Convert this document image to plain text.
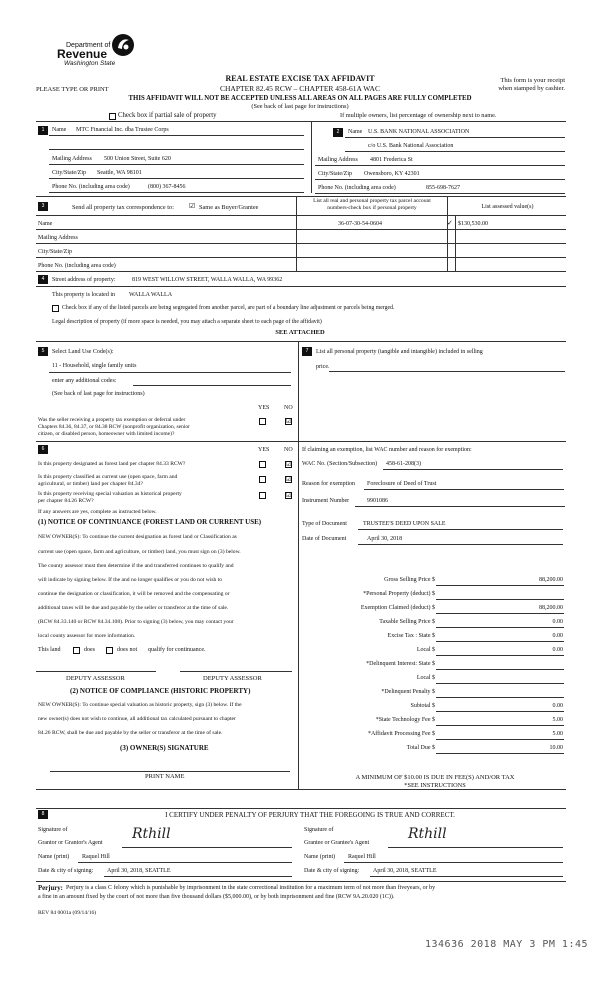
Department of
Revenue
Washington State
REAL ESTATE EXCISE TAX AFFIDAVIT
CHAPTER 82.45 RCW – CHAPTER 458-61A WAC
PLEASE TYPE OR PRINT
This form is your receipt
when stamped by cashier.
THIS AFFIDAVIT WILL NOT BE ACCEPTED UNLESS ALL AREAS ON ALL PAGES ARE FULLY COMPLETED
(See back of last page for instructions)
Check box if partial sale of property	If multiple owners, list percentage of ownership next to name.
1	Name MTC Financial Inc. dba Trustee Corps
Mailing Address 500 Union Street, Suite 620
City/State/Zip Seattle, WA 98101
Phone No. (including area code)	(800) 367-8456
2	Name U.S. BANK NATIONAL ASSOCIATION
c/o U.S. Bank National Association
Mailing Address 4801 Frederica St
City/State/Zip Owensboro, KY 42301
Phone No. (including area code)	855-698-7627
3	Send all property tax correspondence to: ☑ Same as Buyer/Grantee
List all real and personal property tax parcel account
numbers-check box if personal property	List assessed value(s)
Name	36-07-30-54-0604	✓ $130,530.00
Mailing Address
City/State/Zip
Phone No. (including area code)
4	Street address of property:	819 WEST WILLOW STREET, WALLA WALLA, WA 99362
This property is located in WALLA WALLA
Check box if any of the listed parcels are being segregated from another parcel, are part of a boundary line adjustment or parcels being merged.
Legal description of property (if more space is needed, you may attach a separate sheet to each page of the affidavit)
SEE ATTACHED
5	Select Land Use Code(s):
11 - Household, single family units
enter any additional codes:
(See back of last page for instructions)
YES NO
Was the seller receiving a property tax exemption or deferral under
Chapters 84.36, 84.37, or 84.38 RCW (nonprofit organization, senior
citizen, or disabled person, homeowner with limited income)?
☑
7	List all personal property (tangible and intangible) included in selling
price.
6	YES NO
Is this property designated as forest land per chapter 84.33 RCW?	☑
Is this property classified as current use (open space, farm and
agricultural, or timber) land per chapter 84.34?
☑
Is this property receiving special valuation as historical property
per chapter 84.26 RCW?
☑
If any answers are yes, complete as instructed below.
(1) NOTICE OF CONTINUANCE (FOREST LAND OR CURRENT USE)
NEW OWNER(S): To continue the current designation as forest land or Classification as
current use (open space, farm and agriculture, or timber) land, you must sign on (3) below.
The county assessor must then determine if the and transferred continues to qualify and
will indicate by signing below. If the and no longer qualifies or you do not wish to
continue the designation or classification, it will be removed and the compensating or
additional taxes will be due and payable by the seller or transferor at the time of sale.
(RCW 84.33.140 or RCW 84.34.108). Prior to signing (3) below, you may contact your
local county assessor for more information.
This land	does	does not qualify for continuance.
DEPUTY ASSESSOR	DEPUTY ASSESSOR
(2) NOTICE OF COMPLIANCE (HISTORIC PROPERTY)
NEW OWNER(S): To continue special valuation as historic property, sign (3) below. If the
new owner(s) does not wish to continue, all additional tax calculated pursuant to chapter
84.26 RCW, shall be due and payable by the seller or transferor at the time of sale.
(3) OWNER(S) SIGNATURE
PRINT NAME
If claiming an exemption, list WAC number and reason for exemption:
WAC No. (Section/Subsection) 458-61-208(3)
Reason for exemption Foreclosure of Deed of Trust
Instrument Number	9901086
Type of Document	TRUSTEE'S DEED UPON SALE
Date of Document	April 30, 2018
Gross Selling Price $	88,200.00
*Personal Property (deduct) $
Exemption Claimed (deduct) $	88,200.00
Taxable Selling Price $	0.00
Excise Tax : State $	0.00
Local $	0.00
*Delinquent Interest: State $
Local $
*Delinquent Penalty $
Subtotal $	0.00
*State Technology Fee $	5.00
*Affidavit Processing Fee $	5.00
Total Due $	10.00
A MINIMUM OF $10.00 IS DUE IN FEE(S) AND/OR TAX
*SEE INSTRUCTIONS
8	I CERTIFY UNDER PENALTY OF PERJURY THAT THE FOREGOING IS TRUE AND CORRECT.
Signature of
Grantor or Grantor's Agent
Rthill
Name (print) Raquel Hill
Date & city of signing: April 30, 2018, SEATTLE
Signature of
Grantee or Grantee's Agent
Rthill
Name (print) Raquel Hill
Date & city of signing: April 30, 2018, SEATTLE
Perjury: Perjury is a class C felony which is punishable by imprisonment in the state correctional institution for a maximum term of not more than fiveyears, or by
a fine in an amount fixed by the court of not more than five thousand dollars ($5,000.00), or by both imprisonment and fine (RCW 9A.20.020 (1C)).
REV 84 0001a (09/14/16)
134636 2018 MAY 3 PM 1:45
